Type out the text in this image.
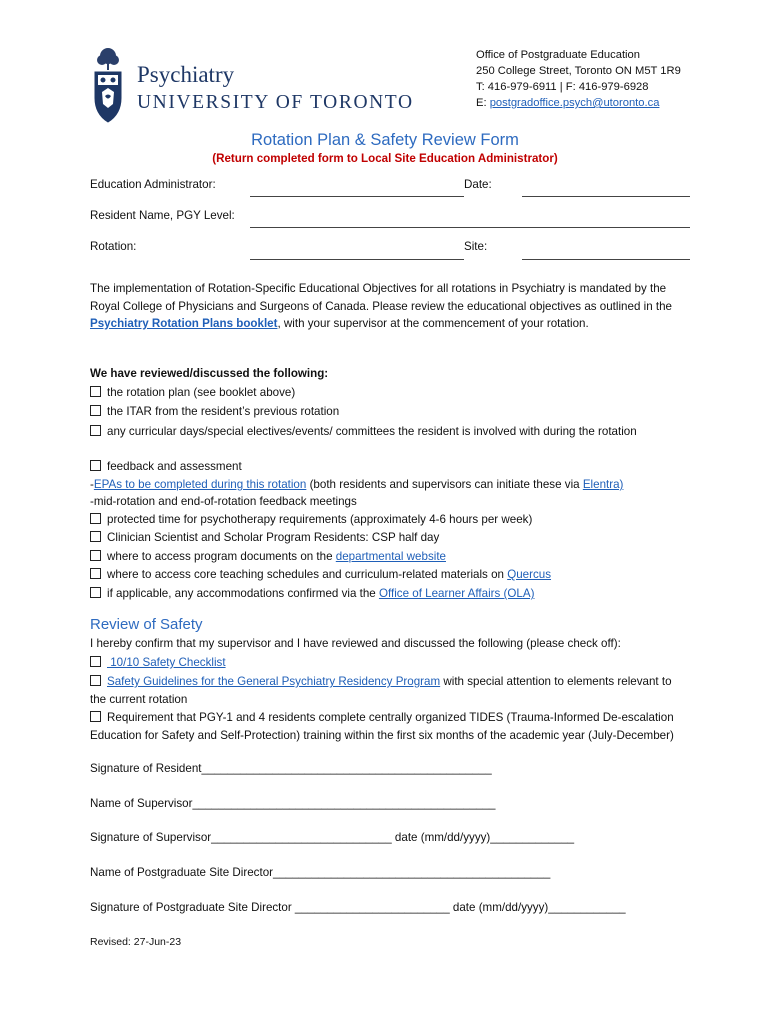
Psychiatry
UNIVERSITY OF TORONTO
Office of Postgraduate Education
250 College Street, Toronto ON M5T 1R9
T: 416-979-6911 | F: 416-979-6928
E: postgradoffice.psych@utoronto.ca
Rotation Plan & Safety Review Form
(Return completed form to Local Site Education Administrator)
Education Administrator:	Date:
Resident Name, PGY Level:
Rotation:	Site:
The implementation of Rotation-Specific Educational Objectives for all rotations in Psychiatry is mandated by the Royal College of Physicians and Surgeons of Canada. Please review the educational objectives as outlined in the Psychiatry Rotation Plans booklet, with your supervisor at the commencement of your rotation.
We have reviewed/discussed the following:
the rotation plan (see booklet above)
the ITAR from the resident’s previous rotation
any curricular days/special electives/events/ committees the resident is involved with during the rotation
feedback and assessment
-EPAs to be completed during this rotation (both residents and supervisors can initiate these via Elentra)
-mid-rotation and end-of-rotation feedback meetings
protected time for psychotherapy requirements (approximately 4-6 hours per week)
Clinician Scientist and Scholar Program Residents: CSP half day
where to access program documents on the departmental website
where to access core teaching schedules and curriculum-related materials on Quercus
if applicable, any accommodations confirmed via the Office of Learner Affairs (OLA)
Review of Safety
I hereby confirm that my supervisor and I have reviewed and discussed the following (please check off):
10/10 Safety Checklist
Safety Guidelines for the General Psychiatry Residency Program with special attention to elements relevant to the current rotation
Requirement that PGY-1 and 4 residents complete centrally organized TIDES (Trauma-Informed De-escalation Education for Safety and Self-Protection) training within the first six months of the academic year (July-December)
Signature of Resident_____________________________________________
Name of Supervisor_______________________________________________
Signature of Supervisor____________________________ date (mm/dd/yyyy)_____________
Name of Postgraduate Site Director___________________________________________
Signature of Postgraduate Site Director ________________________ date (mm/dd/yyyy)____________
Revised: 27-Jun-23
